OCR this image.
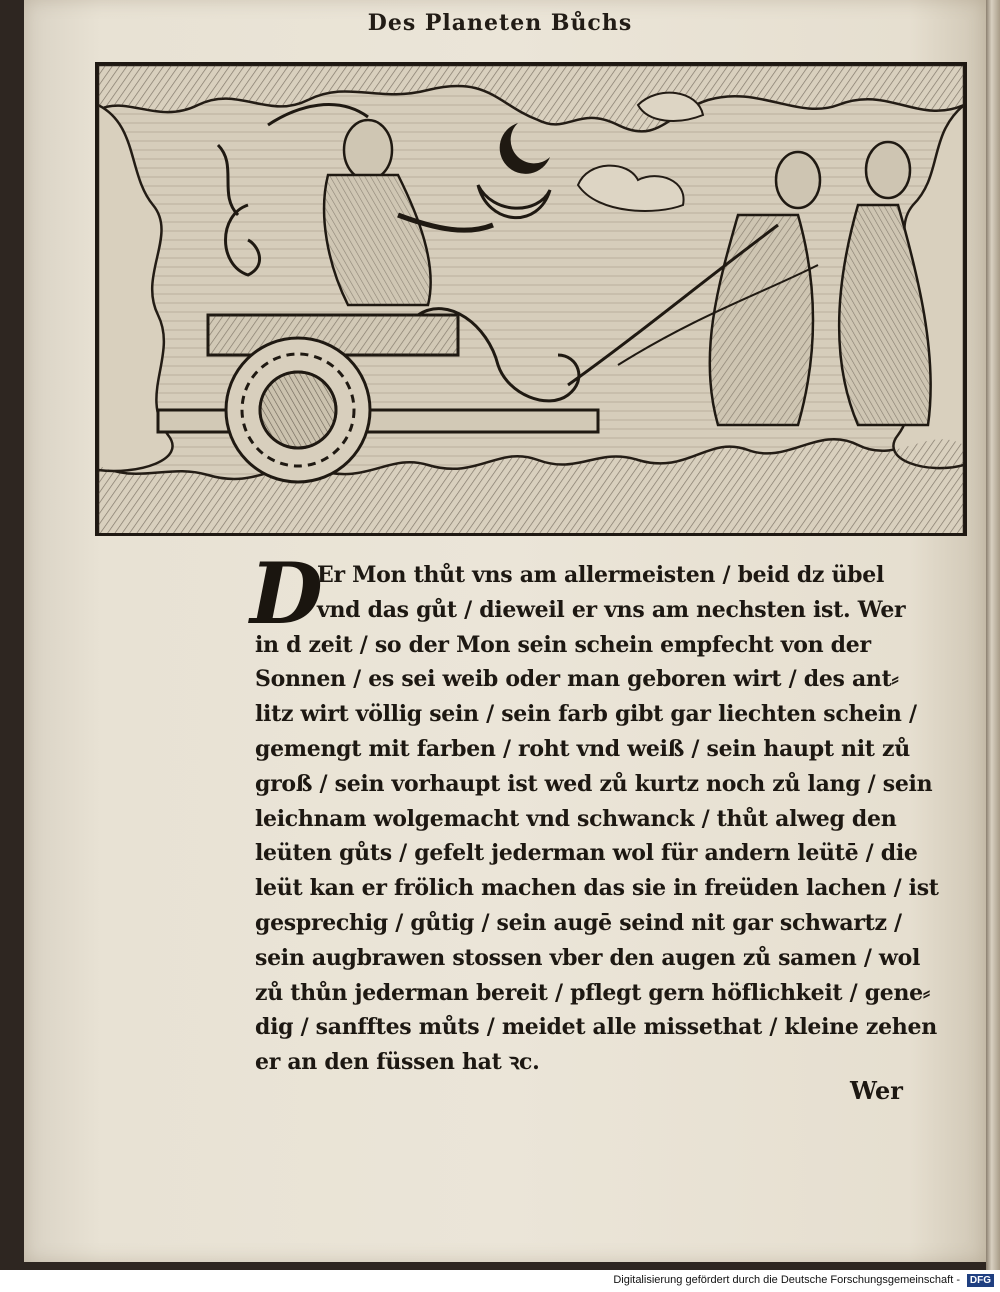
Des Planeten Bůchs
D
Er Mon thůt vns am allermeisten / beid dz übel
vnd das gůt / dieweil er vns am nechsten ist. Wer
in d zeit / so der Mon sein schein empfecht von der
Sonnen / es sei weib oder man geboren wirt / des ant⸗
litz wirt völlig sein / sein farb gibt gar liechten schein /
gemengt mit farben / roht vnd weiß / sein haupt nit zů
groß / sein vorhaupt ist wed zů kurtz noch zů lang / sein
leichnam wolgemacht vnd schwanck / thůt alweg den
leüten gůts / gefelt jederman wol für andern leütē / die
leüt kan er frölich machen das sie in freüden lachen / ist
gesprechig / gůtig / sein augē seind nit gar schwartz /
sein augbrawen stossen vber den augen zů samen / wol
zů thůn jederman bereit / pflegt gern höflichkeit / gene⸗
dig / sanfftes můts / meidet alle missethat / kleine zehen
er an den füssen hat ꝛc.
Wer
Digitalisierung gefördert durch die Deutsche Forschungsgemeinschaft - DFG
